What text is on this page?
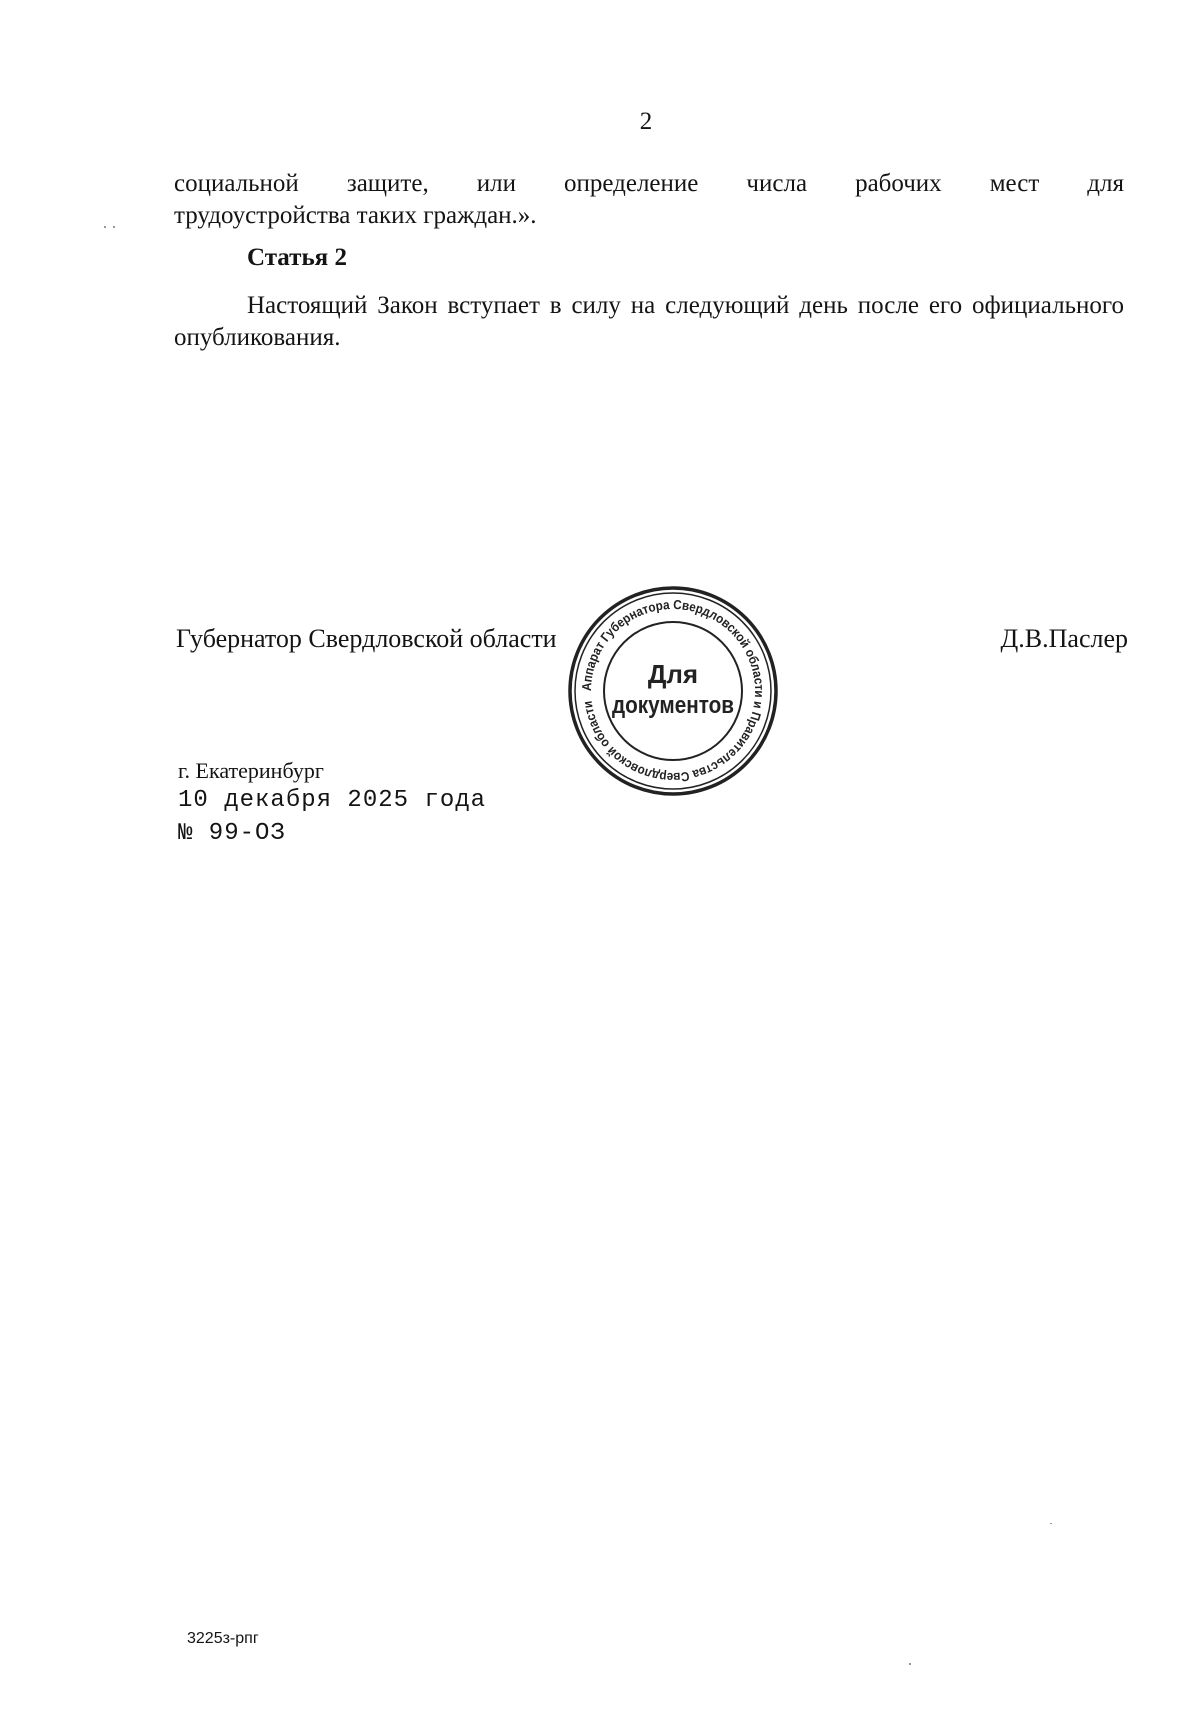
2
социальной защите, или определение числа рабочих мест для
трудоустройства таких граждан.».
Статья 2
Настоящий Закон вступает в силу на следующий день после его официального опубликования.
Губернатор Свердловской области	Д.В.Паслер
Аппарат Губернатора Свердловской области и Правительства Свердловской области
Для
документов
г. Екатеринбург
10 декабря 2025 года
№ 99-ОЗ
3225з-рпг
